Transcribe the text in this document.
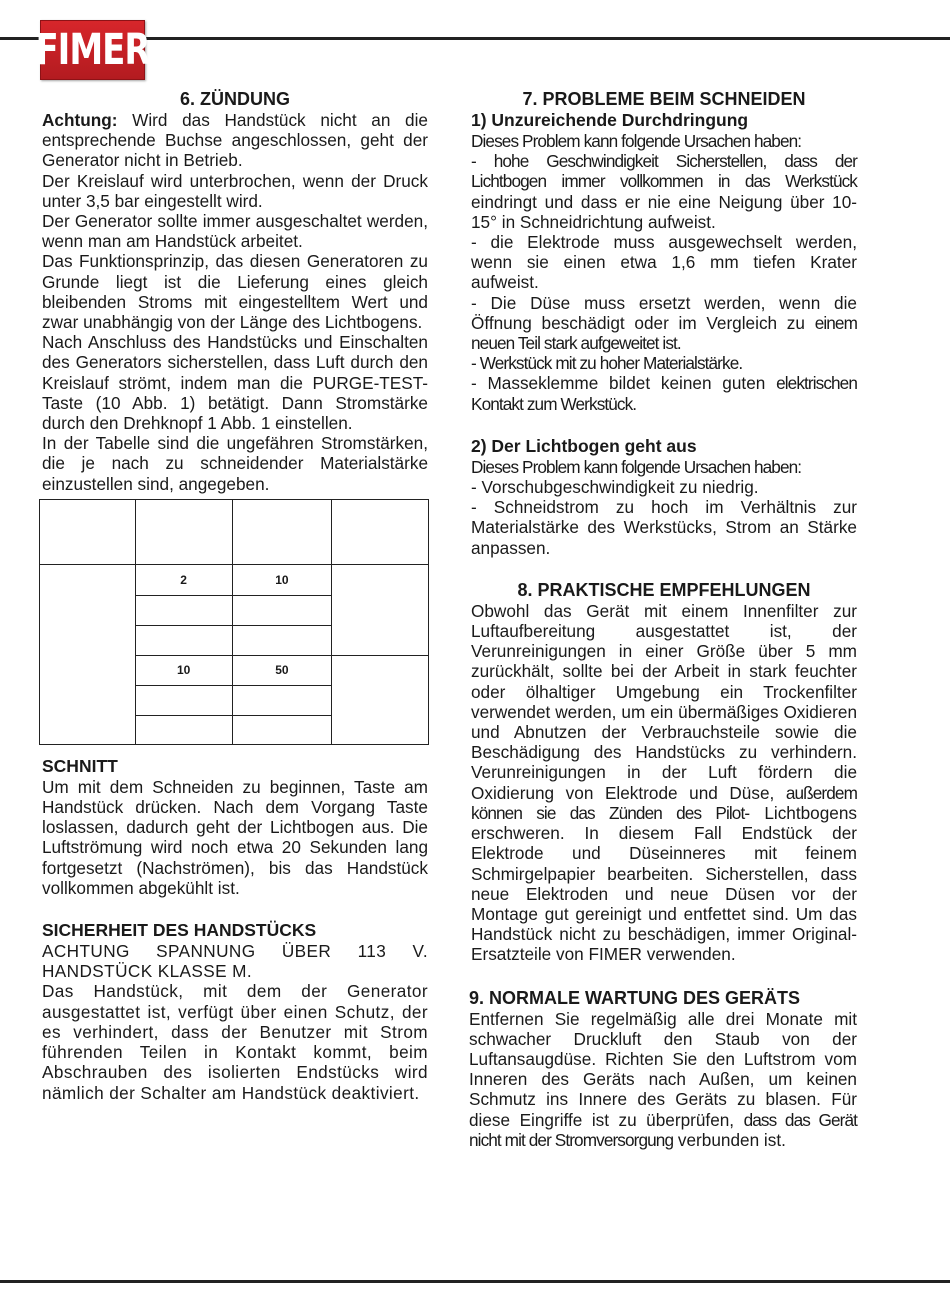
FIMER
6. ZÜNDUNG

Achtung: Wird das Handstück nicht an die entsprechende Buchse angeschlossen, geht der Generator nicht in Betrieb.

Der Kreislauf wird unterbrochen, wenn der Druck unter 3,5 bar eingestellt wird.

Der Generator sollte immer ausgeschaltet werden, wenn man am Handstück arbeitet.

Das Funktionsprinzip, das diesen Generatoren zu Grunde liegt ist die Lieferung eines gleich bleibenden Stroms mit eingestelltem Wert und zwar unabhängig von der Länge des Lichtbogens.

Nach Anschluss des Handstücks und Einschalten des Generators sicherstellen, dass Luft durch den Kreislauf strömt, indem man die PURGE-TEST-Taste (10 Abb. 1) betätigt. Dann Stromstärke durch den Drehknopf 1 Abb. 1 einstellen.

In der Tabelle sind die ungefähren Stromstärken, die je nach zu schneidender Materialstärke einzustellen sind, angegeben.

	2	10	

	10	50	

SCHNITT

Um mit dem Schneiden zu beginnen, Taste am Handstück drücken. Nach dem Vorgang Taste loslassen, dadurch geht der Lichtbogen aus. Die Luftströmung wird noch etwa 20 Sekunden lang fortgesetzt (Nachströmen), bis das Handstück vollkommen abgekühlt ist.

SICHERHEIT DES HANDSTÜCKS

ACHTUNG SPANNUNG ÜBER 113 V. HANDSTÜCK KLASSE M.

Das Handstück, mit dem der Generator ausgestattet ist, verfügt über einen Schutz, der es verhindert, dass der Benutzer mit Strom führenden Teilen in Kontakt kommt, beim Abschrauben des isolierten Endstücks wird nämlich der Schalter am Handstück deaktiviert.

7. PROBLEME BEIM SCHNEIDEN
1) Unzureichende Durchdringung

Dieses Problem kann folgende Ursachen haben:

- hohe Geschwindigkeit Sicherstellen, dass der Lichtbogen immer vollkommen in das Werkstück eindringt und dass er nie eine Neigung über 10-15° in Schneidrichtung aufweist.

- die Elektrode muss ausgewechselt werden, wenn sie einen etwa 1,6 mm tiefen Krater aufweist.

- Die Düse muss ersetzt werden, wenn die Öffnung beschädigt oder im Vergleich zu einem neuen Teil stark aufgeweitet ist.

- Werkstück mit zu hoher Materialstärke.

- Masseklemme bildet keinen guten elektrischen Kontakt zum Werkstück.

2) Der Lichtbogen geht aus

Dieses Problem kann folgende Ursachen haben:

- Vorschubgeschwindigkeit zu niedrig.

- Schneidstrom zu hoch im Verhältnis zur Materialstärke des Werkstücks, Strom an Stärke anpassen.

8. PRAKTISCHE EMPFEHLUNGEN

Obwohl das Gerät mit einem Innenfilter zur Luftaufbereitung ausgestattet ist, der Verunreinigungen in einer Größe über 5 mm zurückhält, sollte bei der Arbeit in stark feuchter oder ölhaltiger Umgebung ein Trockenfilter verwendet werden, um ein übermäßiges Oxidieren und Abnutzen der Verbrauchsteile sowie die Beschädigung des Handstücks zu verhindern. Verunreinigungen in der Luft fördern die Oxidierung von Elektrode und Düse, außerdem können sie das Zünden des Pilot- Lichtbogens erschweren. In diesem Fall Endstück der Elektrode und Düseinneres mit feinem Schmirgelpapier bearbeiten. Sicherstellen, dass neue Elektroden und neue Düsen vor der Montage gut gereinigt und entfettet sind. Um das Handstück nicht zu beschädigen, immer Original-Ersatzteile von FIMER verwenden.

9. NORMALE WARTUNG DES GERÄTS

Entfernen Sie regelmäßig alle drei Monate mit schwacher Druckluft den Staub von der Luftansaugdüse. Richten Sie den Luftstrom vom Inneren des Geräts nach Außen, um keinen Schmutz ins Innere des Geräts zu blasen. Für diese Eingriffe ist zu überprüfen, dass das Gerät nicht mit der Stromversorgung verbunden ist.
